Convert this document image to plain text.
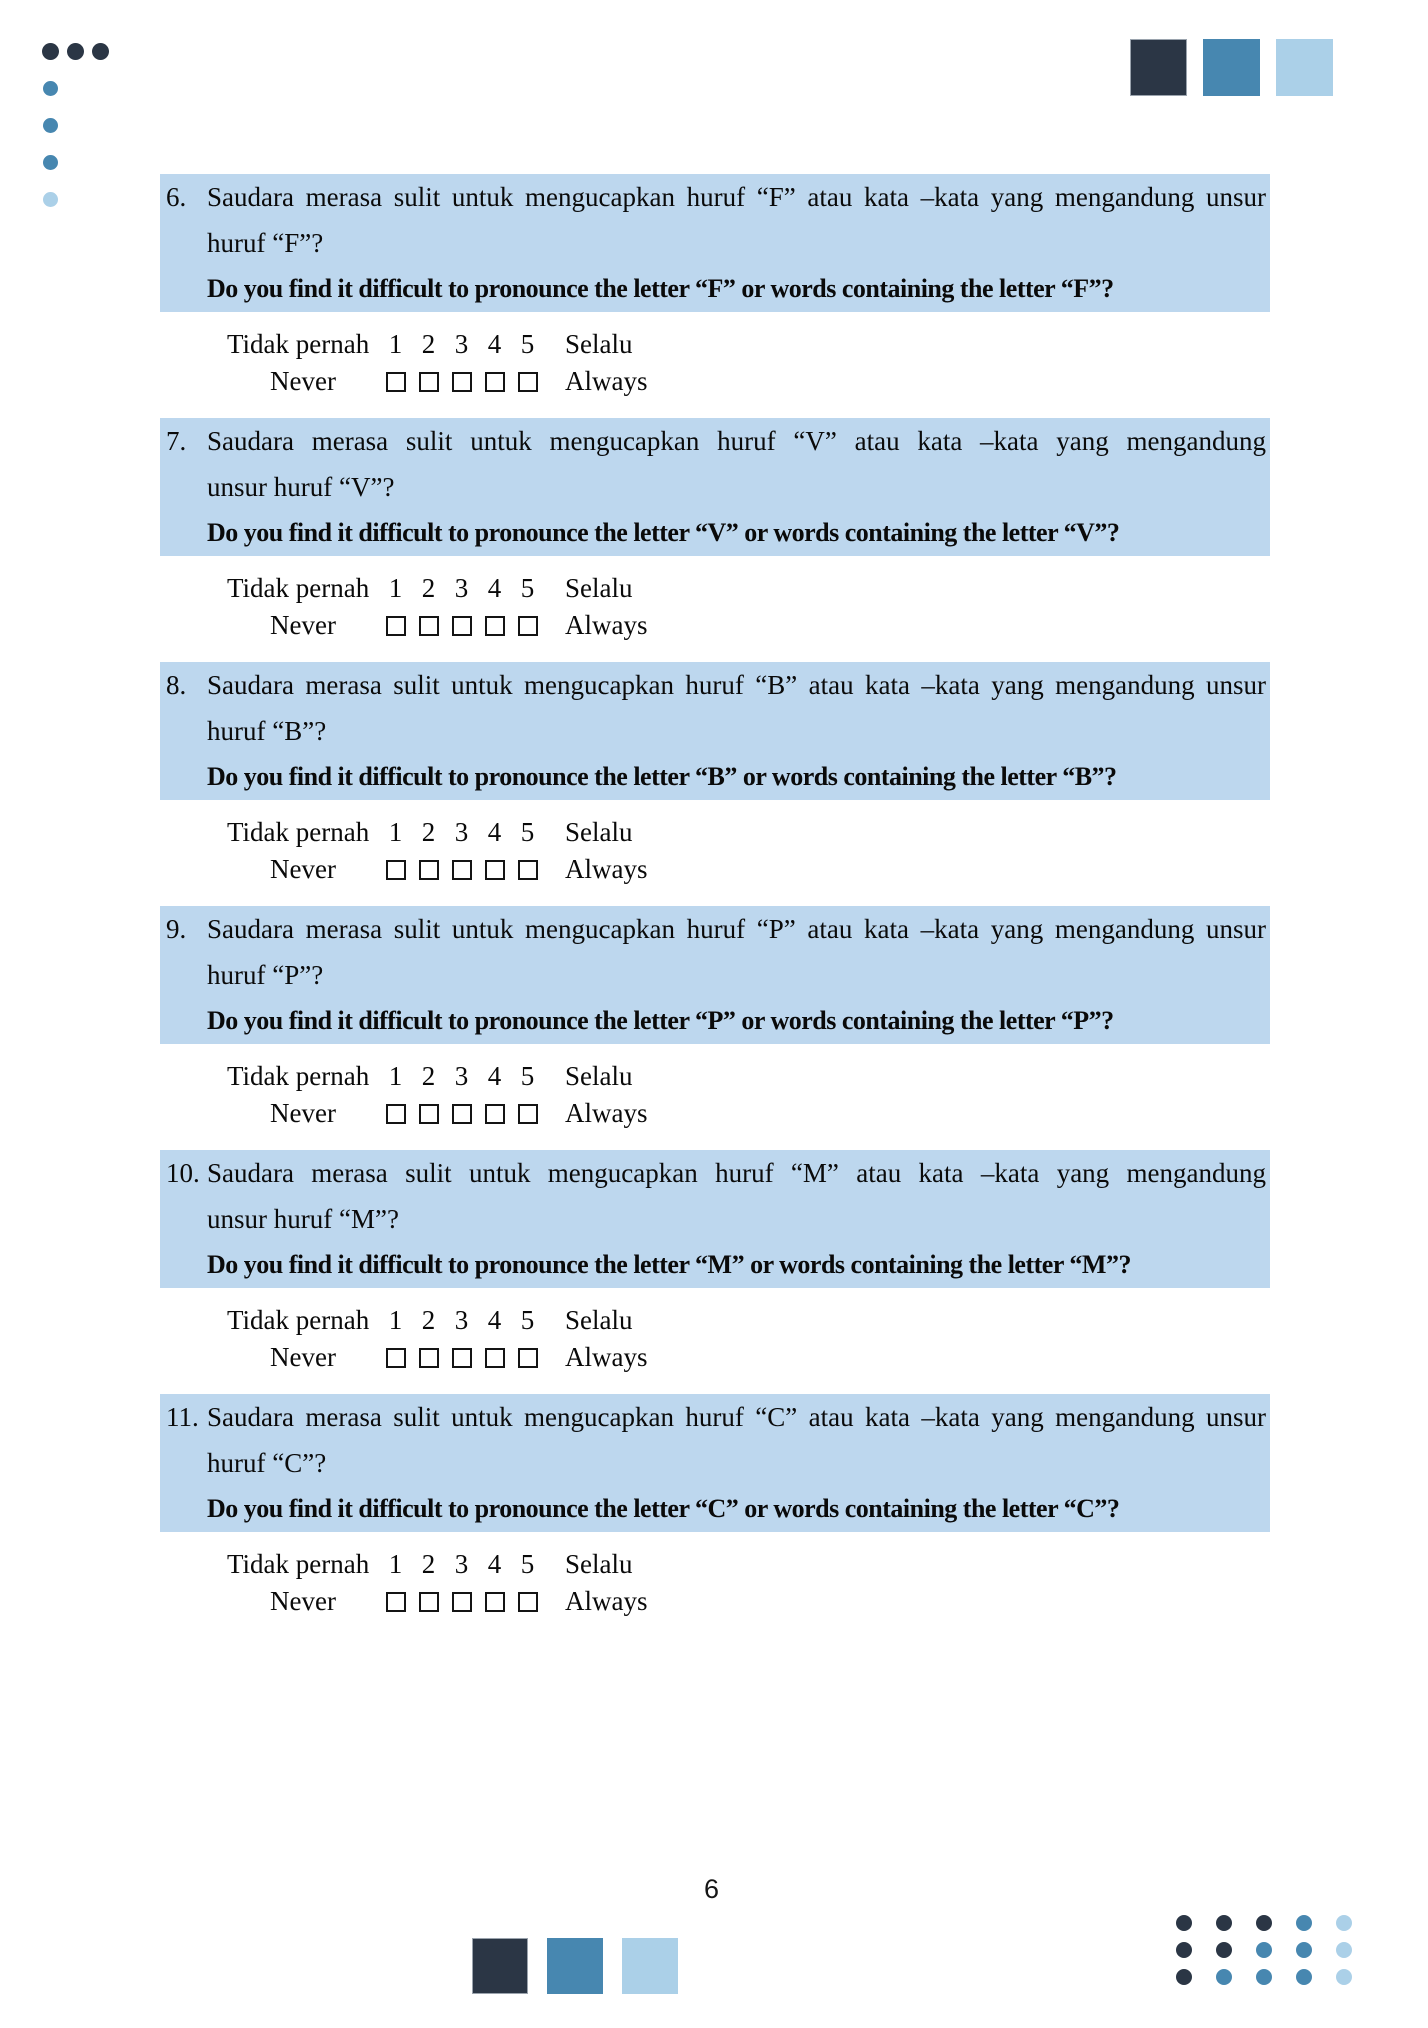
6. Saudara merasa sulit untuk mengucapkan huruf “F” atau kata –kata yang mengandung unsur
huruf “F”?
Do you find it difficult to pronounce the letter “F” or words containing the letter “F”?
Tidak pernah 1 2 3 4 5	Selalu
Never	Always
7. Saudara merasa sulit untuk mengucapkan huruf “V” atau kata –kata yang mengandung
unsur huruf “V”?
Do you find it difficult to pronounce the letter “V” or words containing the letter “V”?
Tidak pernah 1 2 3 4 5	Selalu
Never	Always
8. Saudara merasa sulit untuk mengucapkan huruf “B” atau kata –kata yang mengandung unsur
huruf “B”?
Do you find it difficult to pronounce the letter “B” or words containing the letter “B”?
Tidak pernah 1 2 3 4 5	Selalu
Never	Always
9. Saudara merasa sulit untuk mengucapkan huruf “P” atau kata –kata yang mengandung unsur
huruf “P”?
Do you find it difficult to pronounce the letter “P” or words containing the letter “P”?
Tidak pernah 1 2 3 4 5	Selalu
Never	Always
10. Saudara merasa sulit untuk mengucapkan huruf “M” atau kata –kata yang mengandung
unsur huruf “M”?
Do you find it difficult to pronounce the letter “M” or words containing the letter “M”?
Tidak pernah 1 2 3 4 5	Selalu
Never	Always
11. Saudara merasa sulit untuk mengucapkan huruf “C” atau kata –kata yang mengandung unsur
huruf “C”?
Do you find it difficult to pronounce the letter “C” or words containing the letter “C”?
Tidak pernah 1 2 3 4 5	Selalu
Never	Always
6
